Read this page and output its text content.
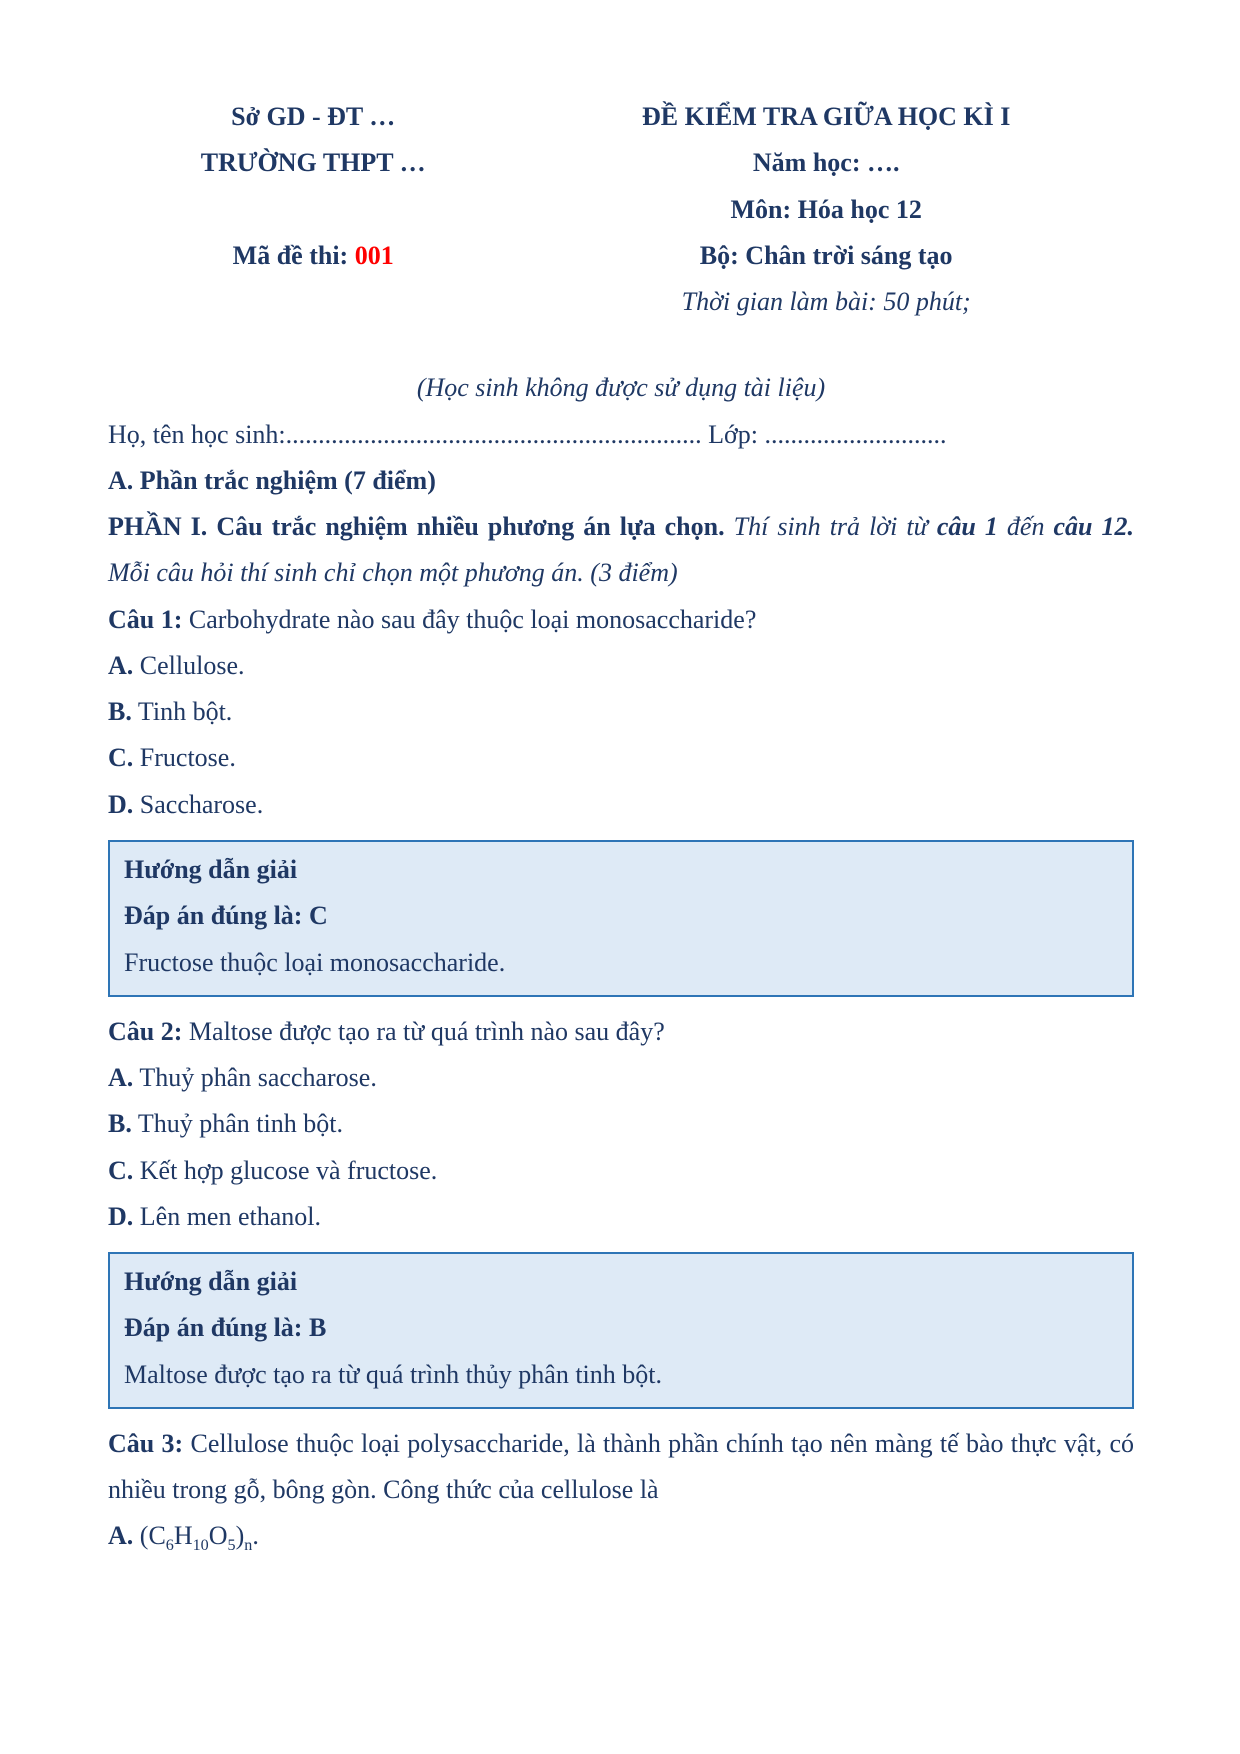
Sở GD - ĐT …

TRƯỜNG THPT …

Mã đề thi: 001

ĐỀ KIỂM TRA GIỮA HỌC KÌ I

Năm học: ….

Môn: Hóa học 12

Bộ: Chân trời sáng tạo

Thời gian làm bài: 50 phút;

(Học sinh không được sử dụng tài liệu)

Họ, tên học sinh:................................................................ Lớp: ............................

A. Phần trắc nghiệm (7 điểm)

PHẦN I. Câu trắc nghiệm nhiều phương án lựa chọn. Thí sinh trả lời từ câu 1 đến câu 12. Mỗi câu hỏi thí sinh chỉ chọn một phương án. (3 điểm)

Câu 1: Carbohydrate nào sau đây thuộc loại monosaccharide?

A. Cellulose.

B. Tinh bột.

C. Fructose.

D. Saccharose.

Hướng dẫn giải

Đáp án đúng là: C

Fructose thuộc loại monosaccharide.

Câu 2: Maltose được tạo ra từ quá trình nào sau đây?

A. Thuỷ phân saccharose.

B. Thuỷ phân tinh bột.

C. Kết hợp glucose và fructose.

D. Lên men ethanol.

Hướng dẫn giải

Đáp án đúng là: B

Maltose được tạo ra từ quá trình thủy phân tinh bột.

Câu 3: Cellulose thuộc loại polysaccharide, là thành phần chính tạo nên màng tế bào thực vật, có nhiều trong gỗ, bông gòn. Công thức của cellulose là

A. $(C_6H_{10}O_5)_n$.
